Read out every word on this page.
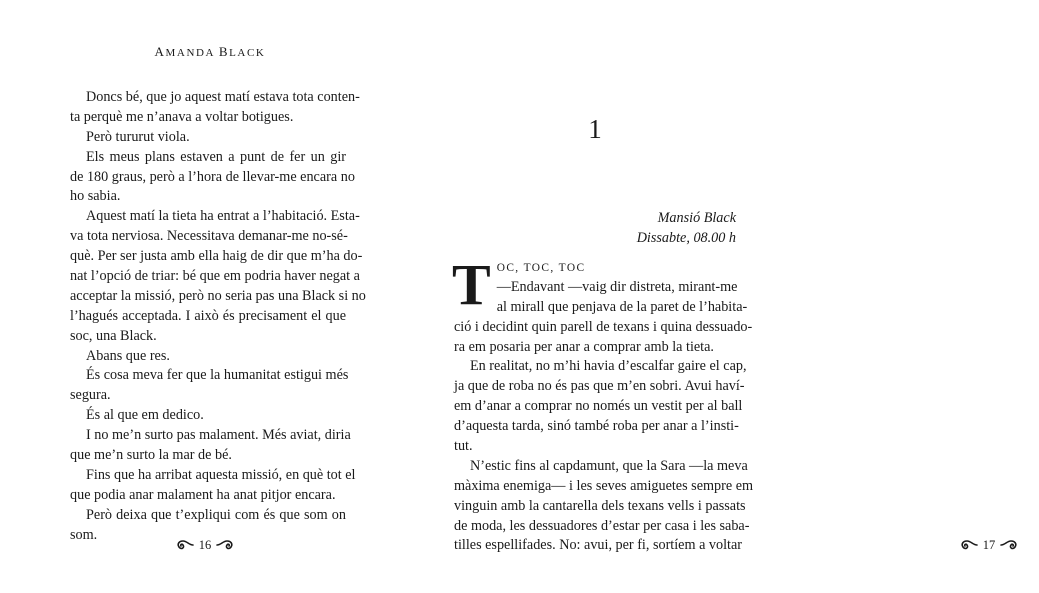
AMANDA BLACK
Doncs bé, que jo aquest matí estava tota conten-
ta perquè me n’anava a voltar botigues.
Però tururut viola.
Els meus plans estaven a punt de fer un gir
de 180 graus, però a l’hora de llevar-me encara no
ho sabia.
Aquest matí la tieta ha entrat a l’habitació. Esta-
va tota nerviosa. Necessitava demanar-me no-sé-
què. Per ser justa amb ella haig de dir que m’ha do-
nat l’opció de triar: bé que em podria haver negat a
acceptar la missió, però no seria pas una Black si no
l’hagués acceptada. I això és precisament el que
soc, una Black.
Abans que res.
És cosa meva fer que la humanitat estigui més
segura.
És al que em dedico.
I no me’n surto pas malament. Més aviat, diria
que me’n surto la mar de bé.
Fins que ha arribat aquesta missió, en què tot el
que podia anar malament ha anat pitjor encara.
Però deixa que t’expliqui com és que som on
som.
16
1
Mansió Black
Dissabte, 08.00 h
T OC, TOC, TOC
—Endavant —vaig dir distreta, mirant-me
al mirall que penjava de la paret de l’habita-
ció i decidint quin parell de texans i quina dessuado-
ra em posaria per anar a comprar amb la tieta.
En realitat, no m’hi havia d’escalfar gaire el cap,
ja que de roba no és pas que m’en sobri. Avui haví-
em d’anar a comprar no només un vestit per al ball
d’aquesta tarda, sinó també roba per anar a l’insti-
tut.
N’estic fins al capdamunt, que la Sara —la meva
màxima enemiga— i les seves amiguetes sempre em
vinguin amb la cantarella dels texans vells i passats
de moda, les dessuadores d’estar per casa i les saba-
tilles espellifades. No: avui, per fi, sortíem a voltar	17
